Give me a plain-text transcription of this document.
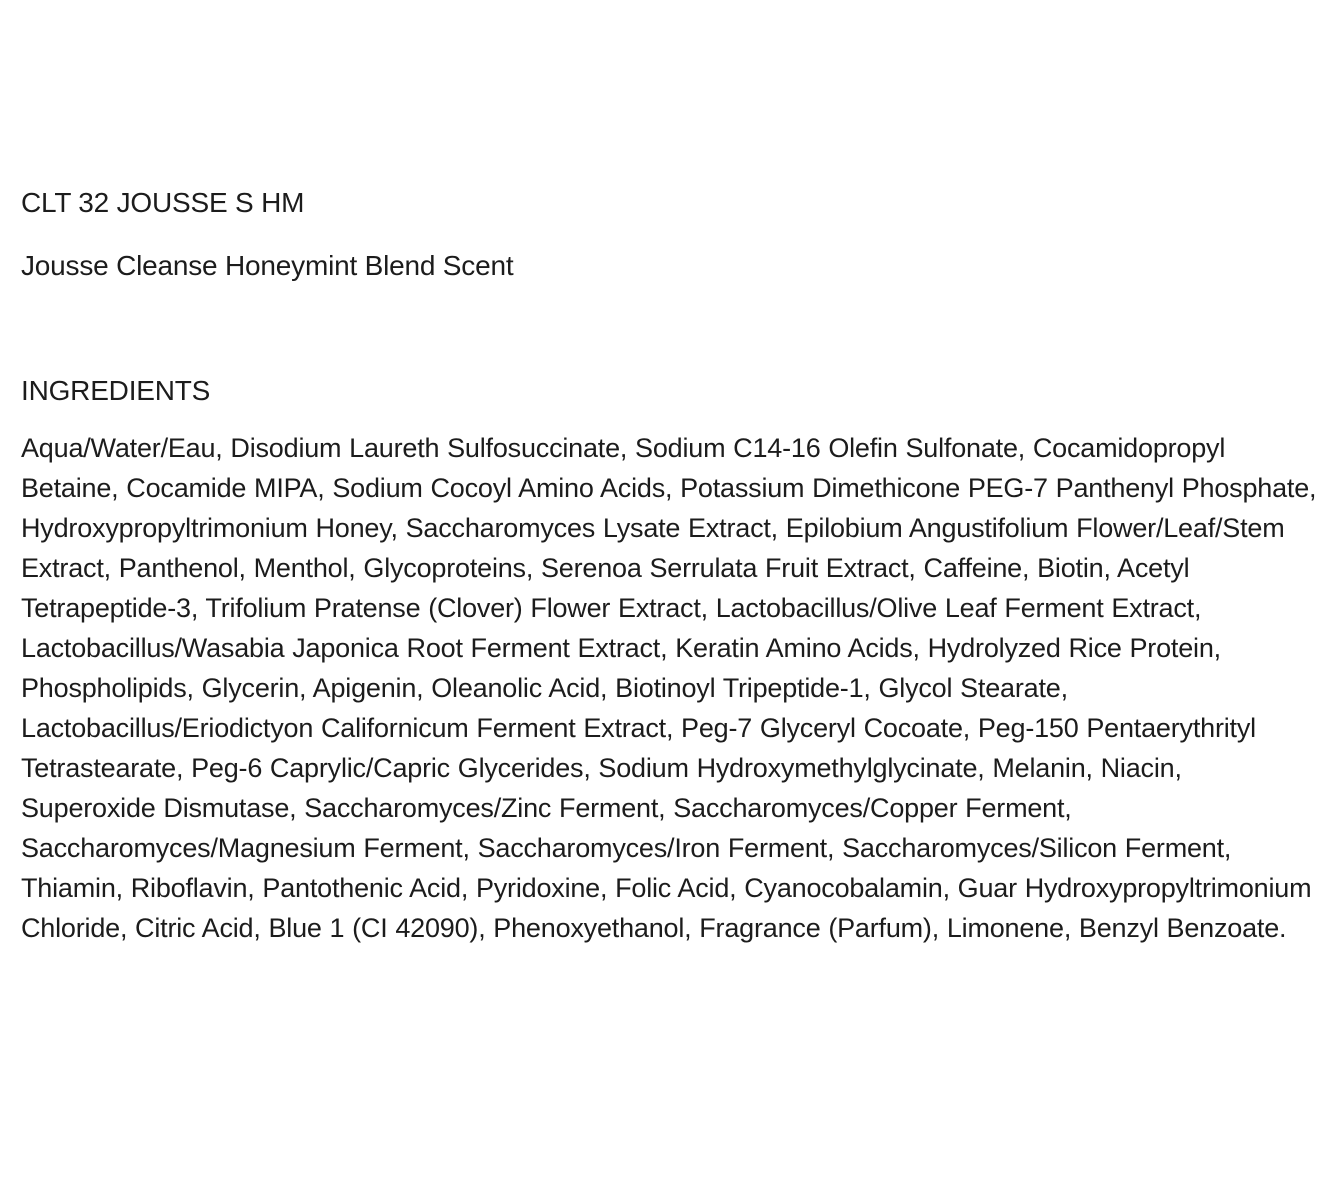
CLT 32 JOUSSE S HM
Jousse Cleanse Honeymint Blend Scent
INGREDIENTS
Aqua/Water/Eau, Disodium Laureth Sulfosuccinate, Sodium C14-16 Olefin Sulfonate, Cocamidopropyl Betaine, Cocamide MIPA, Sodium Cocoyl Amino Acids, Potassium Dimethicone PEG-7 Panthenyl Phosphate, Hydroxypropyltrimonium Honey, Saccharomyces Lysate Extract, Epilobium Angustifolium Flower/Leaf/Stem Extract, Panthenol, Menthol, Glycoproteins, Serenoa Serrulata Fruit Extract, Caffeine, Biotin, Acetyl Tetrapeptide-3, Trifolium Pratense (Clover) Flower Extract, Lactobacillus/Olive Leaf Ferment Extract, Lactobacillus/Wasabia Japonica Root Ferment Extract, Keratin Amino Acids, Hydrolyzed Rice Protein, Phospholipids, Glycerin, Apigenin, Oleanolic Acid, Biotinoyl Tripeptide-1, Glycol Stearate, Lactobacillus/Eriodictyon Californicum Ferment Extract, Peg-7 Glyceryl Cocoate, Peg-150 Pentaerythrityl Tetrastearate, Peg-6 Caprylic/Capric Glycerides, Sodium Hydroxymethylglycinate, Melanin, Niacin, Superoxide Dismutase, Saccharomyces/Zinc Ferment, Saccharomyces/Copper Ferment, Saccharomyces/Magnesium Ferment, Saccharomyces/Iron Ferment, Saccharomyces/Silicon Ferment, Thiamin, Riboflavin, Pantothenic Acid, Pyridoxine, Folic Acid, Cyanocobalamin, Guar Hydroxypropyltrimonium Chloride, Citric Acid, Blue 1 (CI 42090), Phenoxyethanol, Fragrance (Parfum), Limonene, Benzyl Benzoate.
